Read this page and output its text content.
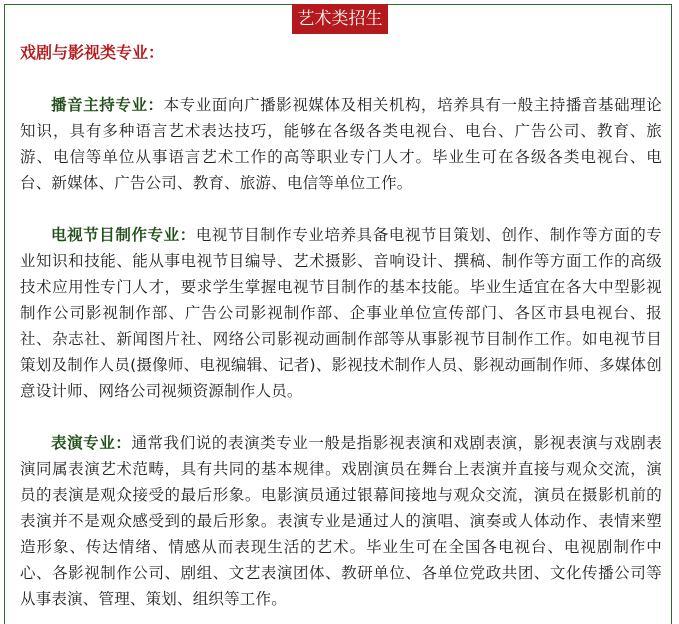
艺术类招生

戏剧与影视类专业：

播音主持专业：本专业面向广播影视媒体及相关机构，培养具有一般主持播音基础理论知识，具有多种语言艺术表达技巧，能够在各级各类电视台、电台、广告公司、教育、旅游、电信等单位从事语言艺术工作的高等职业专门人才。毕业生可在各级各类电视台、电台、新媒体、广告公司、教育、旅游、电信等单位工作。

电视节目制作专业：电视节目制作专业培养具备电视节目策划、创作、制作等方面的专业知识和技能、能从事电视节目编导、艺术摄影、音响设计、撰稿、制作等方面工作的高级技术应用性专门人才，要求学生掌握电视节目制作的基本技能。毕业生适宜在各大中型影视制作公司影视制作部、广告公司影视制作部、企事业单位宣传部门、各区市县电视台、报社、杂志社、新闻图片社、网络公司影视动画制作部等从事影视节目制作工作。如电视节目策划及制作人员(摄像师、电视编辑、记者)、影视技术制作人员、影视动画制作师、多媒体创意设计师、网络公司视频资源制作人员。

表演专业：通常我们说的表演类专业一般是指影视表演和戏剧表演，影视表演与戏剧表演同属表演艺术范畴，具有共同的基本规律。戏剧演员在舞台上表演并直接与观众交流，演员的表演是观众接受的最后形象。电影演员通过银幕间接地与观众交流，演员在摄影机前的表演并不是观众感受到的最后形象。表演专业是通过人的演唱、演奏或人体动作、表情来塑造形象、传达情绪、情感从而表现生活的艺术。毕业生可在全国各电视台、电视剧制作中心、各影视制作公司、剧组、文艺表演团体、教研单位、各单位党政共团、文化传播公司等从事表演、管理、策划、组织等工作。
